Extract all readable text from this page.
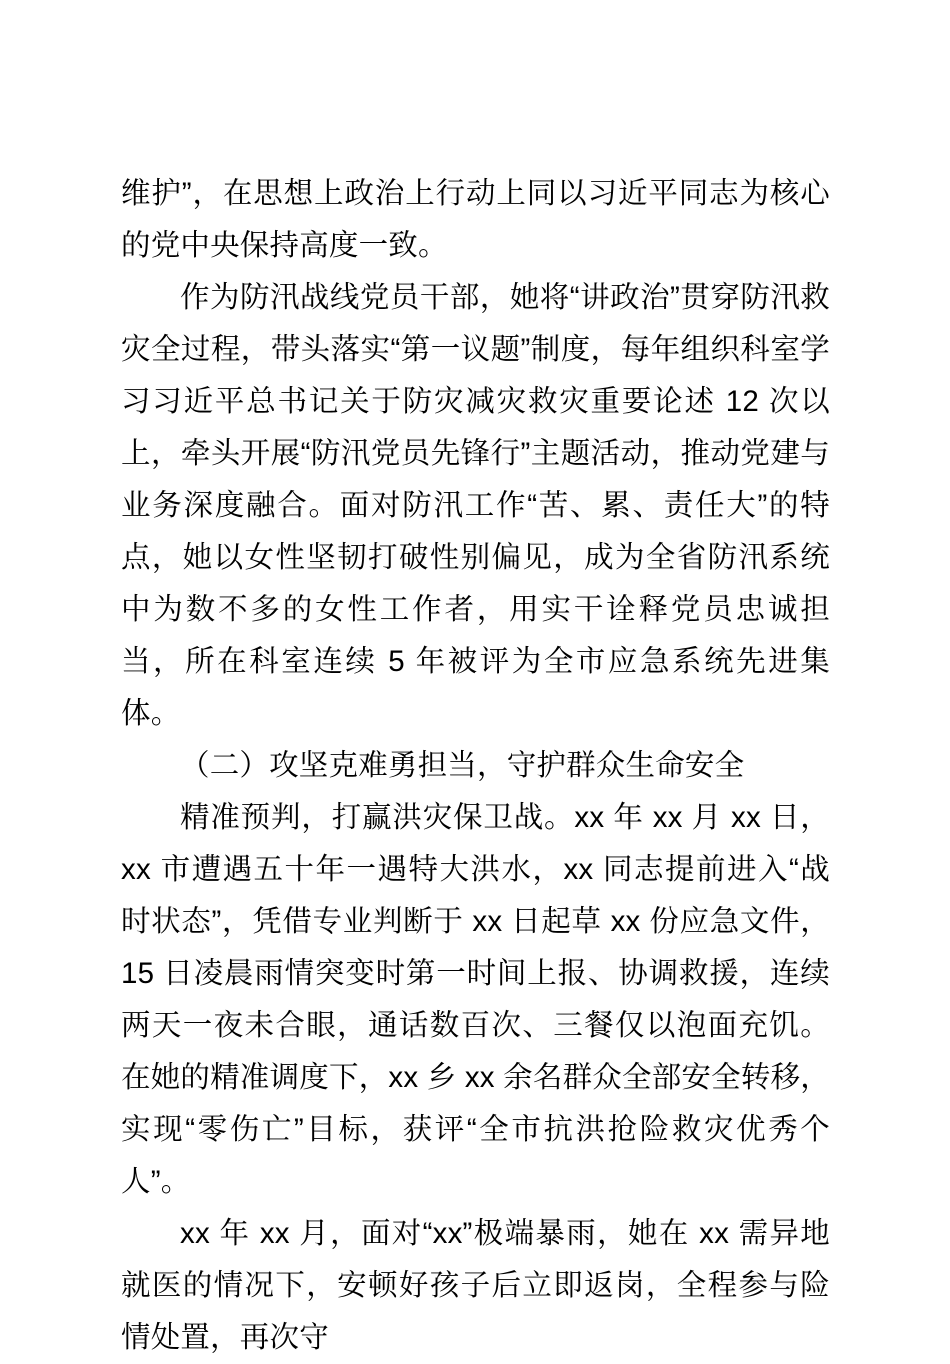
维护”，在思想上政治上行动上同以习近平同志为核心的党中央保持高度一致。

作为防汛战线党员干部，她将“讲政治”贯穿防汛救灾全过程，带头落实“第一议题”制度，每年组织科室学习习近平总书记关于防灾减灾救灾重要论述 12 次以上，牵头开展“防汛党员先锋行”主题活动，推动党建与业务深度融合。面对防汛工作“苦、累、责任大”的特点，她以女性坚韧打破性别偏见，成为全省防汛系统中为数不多的女性工作者，用实干诠释党员忠诚担当，所在科室连续 5 年被评为全市应急系统先进集体。

（二）攻坚克难勇担当，守护群众生命安全

精准预判，打赢洪灾保卫战。xx 年 xx 月 xx 日，xx 市遭遇五十年一遇特大洪水，xx 同志提前进入“战时状态”，凭借专业判断于 xx 日起草 xx 份应急文件，15 日凌晨雨情突变时第一时间上报、协调救援，连续两天一夜未合眼，通话数百次、三餐仅以泡面充饥。在她的精准调度下，xx 乡 xx 余名群众全部安全转移，实现“零伤亡”目标，获评“全市抗洪抢险救灾优秀个人”。

xx 年 xx 月，面对“xx”极端暴雨，她在 xx 需异地就医的情况下，安顿好孩子后立即返岗，全程参与险情处置，再次守
